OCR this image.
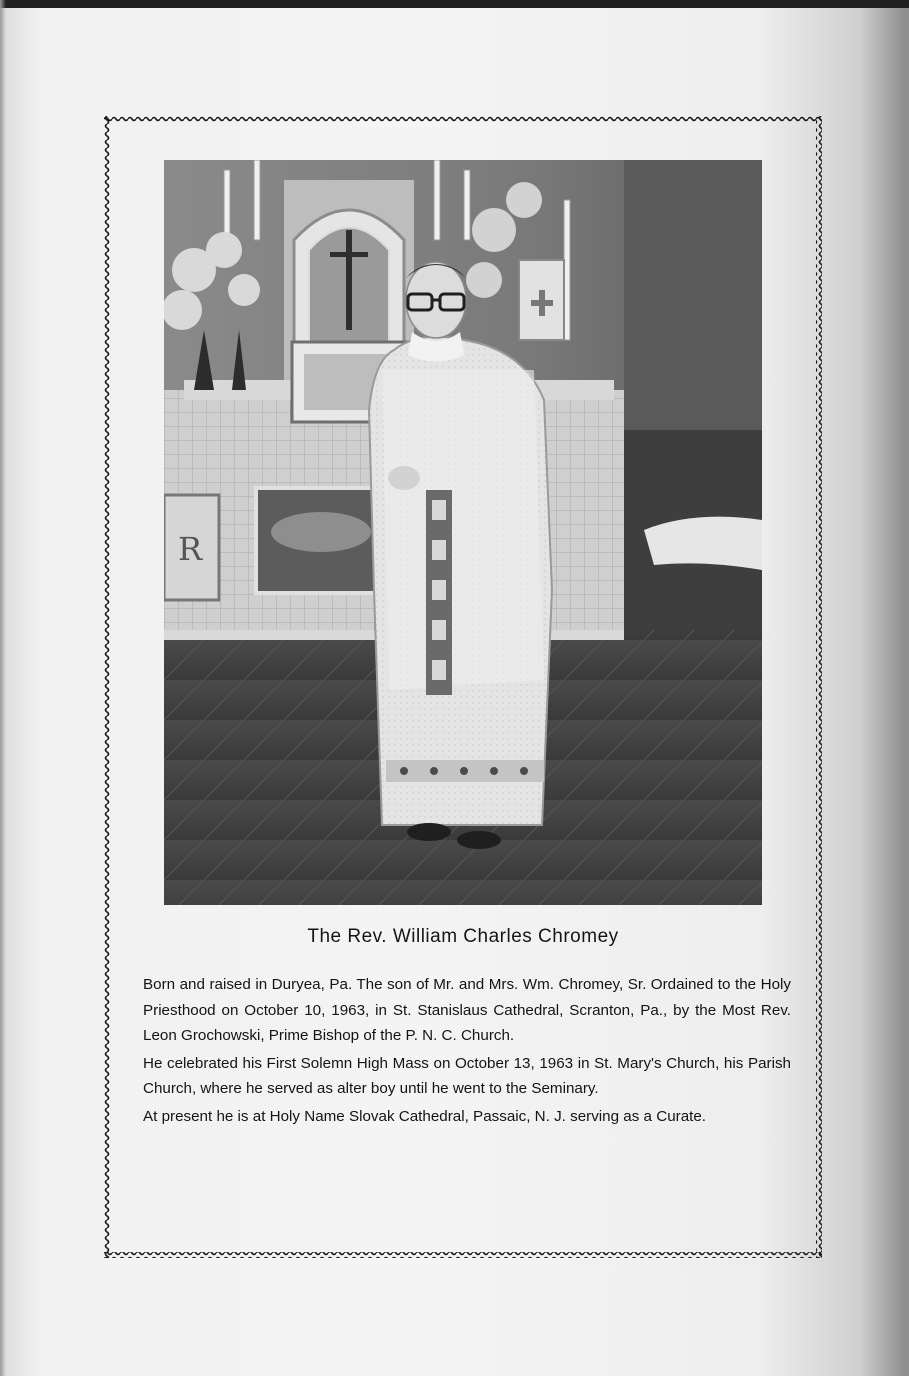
R
The Rev. William Charles Chromey

Born and raised in Duryea, Pa. The son of Mr. and Mrs. Wm. Chromey, Sr. Ordained to the Holy Priesthood on October 10, 1963, in St. Stanislaus Cathedral, Scranton, Pa., by the Most Rev. Leon Grochowski, Prime Bishop of the P. N. C. Church.

He celebrated his First Solemn High Mass on October 13, 1963 in St. Mary's Church, his Parish Church, where he served as alter boy until he went to the Seminary.

At present he is at Holy Name Slovak Cathedral, Passaic, N. J. serving as a Curate.
